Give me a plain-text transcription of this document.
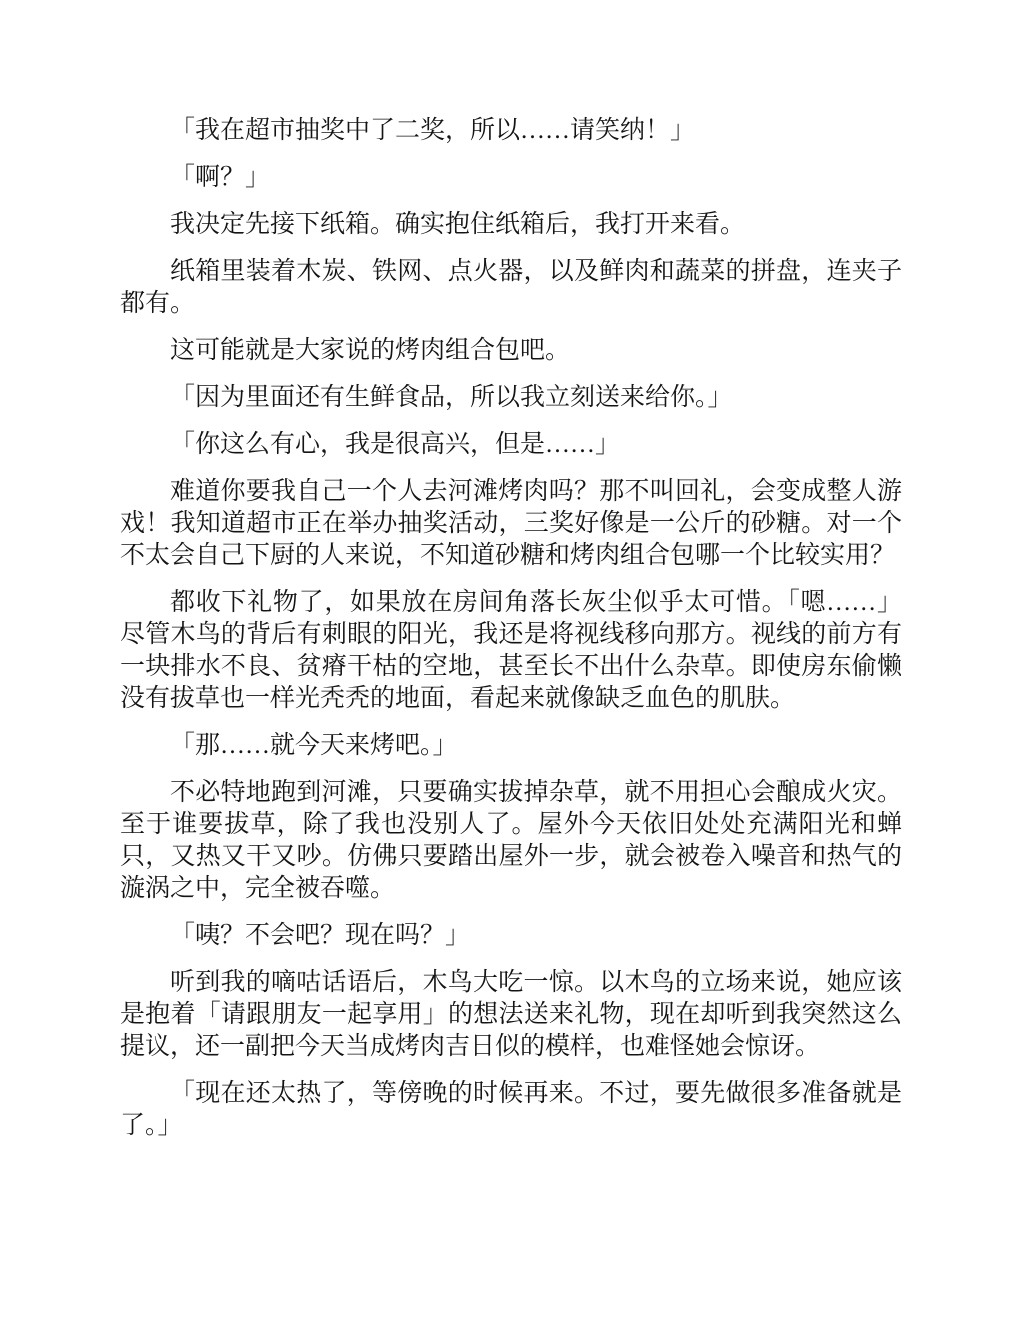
「我在超市抽奖中了二奖，所以……请笑纳！」

「啊？」

我决定先接下纸箱。确实抱住纸箱后，我打开来看。

纸箱里装着木炭、铁网、点火器，以及鲜肉和蔬菜的拼盘，连夹子都有。

这可能就是大家说的烤肉组合包吧。

「因为里面还有生鲜食品，所以我立刻送来给你。」

「你这么有心，我是很高兴，但是……」

难道你要我自己一个人去河滩烤肉吗？那不叫回礼，会变成整人游戏！我知道超市正在举办抽奖活动，三奖好像是一公斤的砂糖。对一个不太会自己下厨的人来说，不知道砂糖和烤肉组合包哪一个比较实用？

都收下礼物了，如果放在房间角落长灰尘似乎太可惜。「嗯……」尽管木鸟的背后有刺眼的阳光，我还是将视线移向那方。视线的前方有一块排水不良、贫瘠干枯的空地，甚至长不出什么杂草。即使房东偷懒没有拔草也一样光秃秃的地面，看起来就像缺乏血色的肌肤。

「那……就今天来烤吧。」

不必特地跑到河滩，只要确实拔掉杂草，就不用担心会酿成火灾。至于谁要拔草，除了我也没别人了。屋外今天依旧处处充满阳光和蝉只，又热又干又吵。仿佛只要踏出屋外一步，就会被卷入噪音和热气的漩涡之中，完全被吞噬。

「咦？不会吧？现在吗？」

听到我的嘀咕话语后，木鸟大吃一惊。以木鸟的立场来说，她应该是抱着「请跟朋友一起享用」的想法送来礼物，现在却听到我突然这么提议，还一副把今天当成烤肉吉日似的模样，也难怪她会惊讶。

「现在还太热了，等傍晚的时候再来。不过，要先做很多准备就是了。」
